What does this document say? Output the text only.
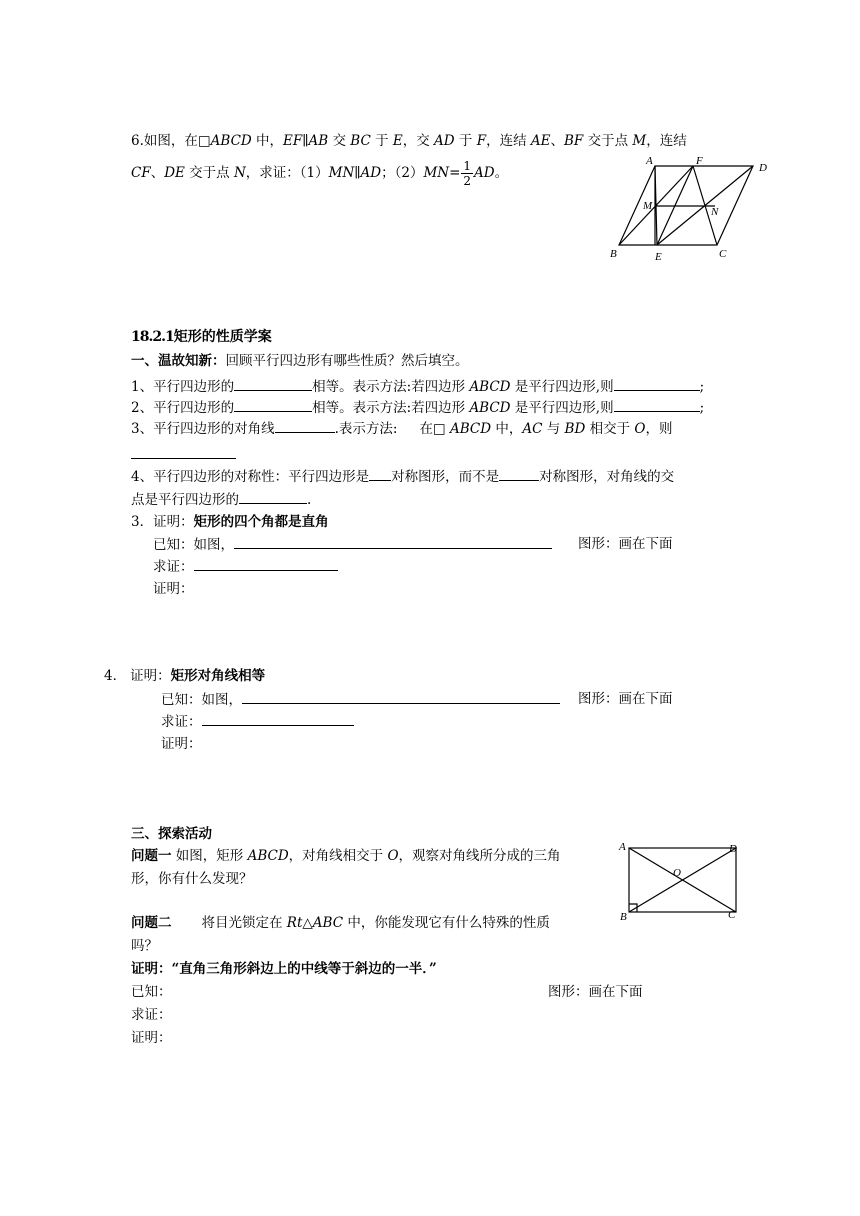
6.如图，在□ABCD 中，EF∥AB 交 BC 于 E，交 AD 于 F，连结 AE、BF 交于点 M，连结
CF、DE 交于点 N，求证：（1）MN∥AD；$(2)MN= \frac{1}{2}$ AD。
A	F
D
M	N
B	E	C
18.2.1矩形的性质学案
一、温故知新：回顾平行四边形有哪些性质？然后填空。
1、平行四边形的	相等。表示方法:若四边形 ABCD 是平行四边形,则	;
2、平行四边形的	相等。表示方法:若四边形 ABCD 是平行四边形,则	;
3、平行四边形的对角线	.表示方法: 在□ ABCD 中，AC 与 BD 相交于 O，则
4、平行四边形的对称性：平行四边形是 对称图形，而不是	对称图形，对角线的交
点是平行四边形的	.
3．证明：矩形的四个角都是直角
已知：如图，	图形：画在下面
求证：
证明：
4． 证明：矩形对角线相等
已知：如图，	图形：画在下面
求证：
证明：
三、探索活动
问题一 如图，矩形 ABCD，对角线相交于 O，观察对角线所分成的三角
形，你有什么发现？
问题二 将目光锁定在 Rt△ABC 中，你能发现它有什么特殊的性质
吗？
证明：“直角三角形斜边上的中线等于斜边的一半．”
已知：	图形：画在下面
求证：
证明：
A	D
O
B	C
